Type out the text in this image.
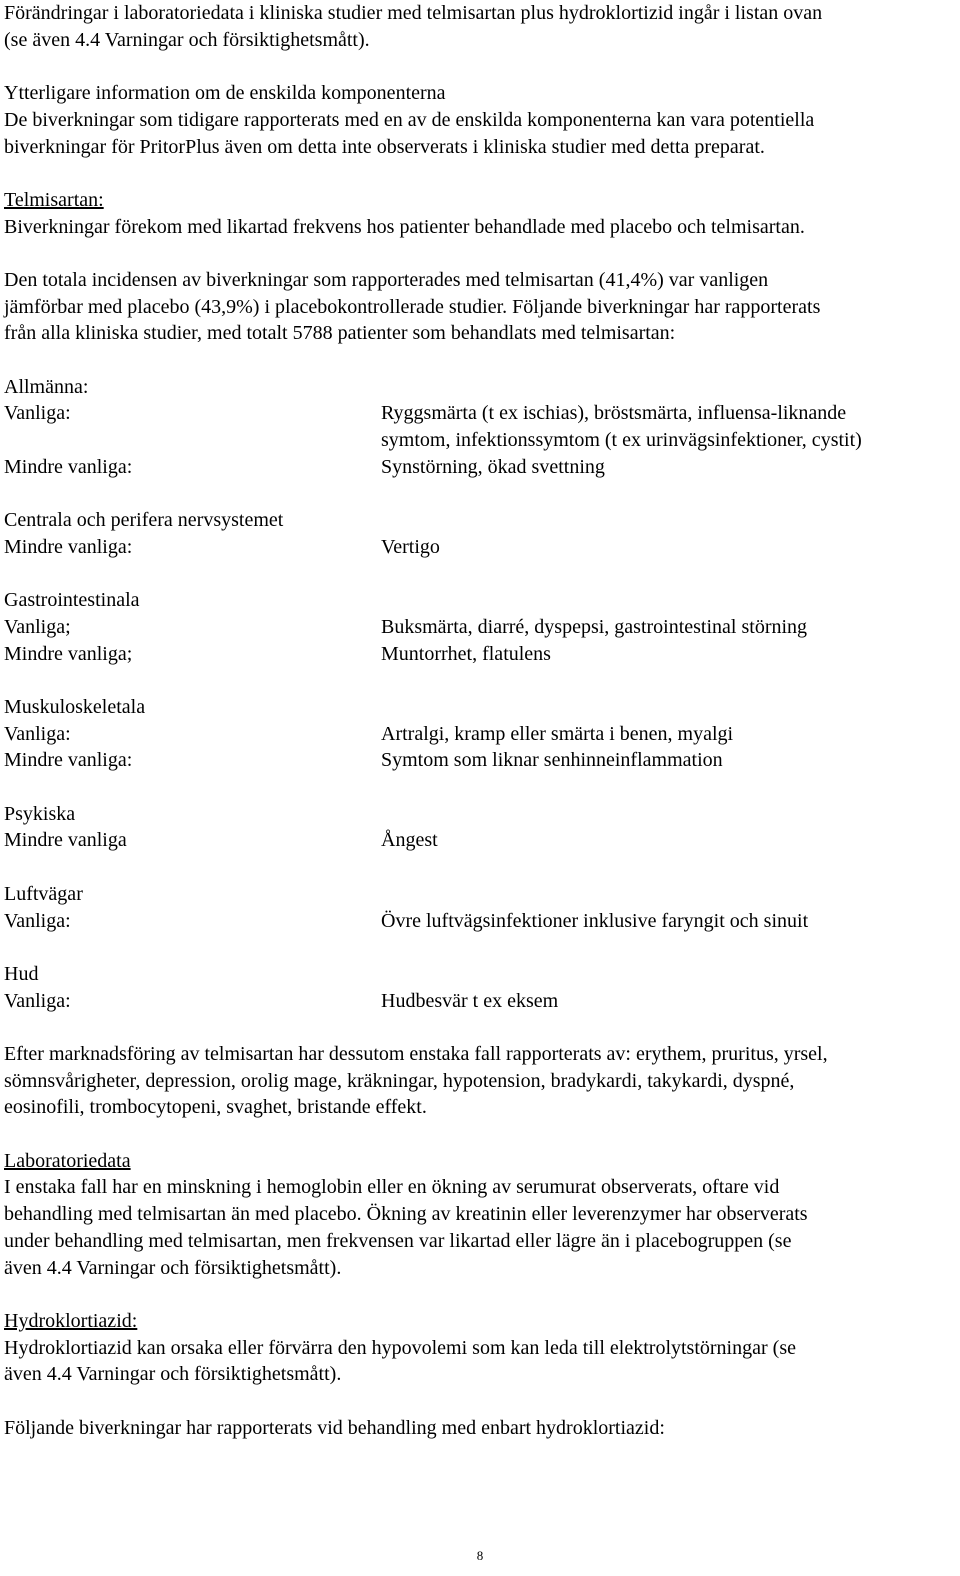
Förändringar i laboratoriedata i kliniska studier med telmisartan plus hydroklortizid ingår i listan ovan

(se även 4.4 Varningar och försiktighetsmått).

Ytterligare information om de enskilda komponenterna

De biverkningar som tidigare rapporterats med en av de enskilda komponenterna kan vara potentiella

biverkningar för PritorPlus även om detta inte observerats i kliniska studier med detta preparat.

Telmisartan:

Biverkningar förekom med likartad frekvens hos patienter behandlade med placebo och telmisartan.

Den totala incidensen av biverkningar som rapporterades med telmisartan (41,4%) var vanligen

jämförbar med placebo (43,9%) i placebokontrollerade studier. Följande biverkningar har rapporterats

från alla kliniska studier, med totalt 5788 patienter som behandlats med telmisartan:

Allmänna:
Vanliga:	Ryggsmärta (t ex ischias), bröstsmärta, influensa-liknande
symtom, infektionssymtom (t ex urinvägsinfektioner, cystit)
Mindre vanliga:	Synstörning, ökad svettning
Centrala och perifera nervsystemet
Mindre vanliga:	Vertigo
Gastrointestinala
Vanliga;	Buksmärta, diarré, dyspepsi, gastrointestinal störning
Mindre vanliga;	Muntorrhet, flatulens
Muskuloskeletala
Vanliga:	Artralgi, kramp eller smärta i benen, myalgi
Mindre vanliga:	Symtom som liknar senhinneinflammation
Psykiska
Mindre vanliga	Ångest
Luftvägar
Vanliga:	Övre luftvägsinfektioner inklusive faryngit och sinuit
Hud
Vanliga:	Hudbesvär t ex eksem

Efter marknadsföring av telmisartan har dessutom enstaka fall rapporterats av: erythem, pruritus, yrsel,

sömnsvårigheter, depression, orolig mage, kräkningar, hypotension, bradykardi, takykardi, dyspné,

eosinofili, trombocytopeni, svaghet, bristande effekt.

Laboratoriedata

I enstaka fall har en minskning i hemoglobin eller en ökning av serumurat observerats, oftare vid

behandling med telmisartan än med placebo. Ökning av kreatinin eller leverenzymer har observerats

under behandling med telmisartan, men frekvensen var likartad eller lägre än i placebogruppen (se

även 4.4 Varningar och försiktighetsmått).

Hydroklortiazid:

Hydroklortiazid kan orsaka eller förvärra den hypovolemi som kan leda till elektrolytstörningar (se

även 4.4 Varningar och försiktighetsmått).

Följande biverkningar har rapporterats vid behandling med enbart hydroklortiazid:

8
